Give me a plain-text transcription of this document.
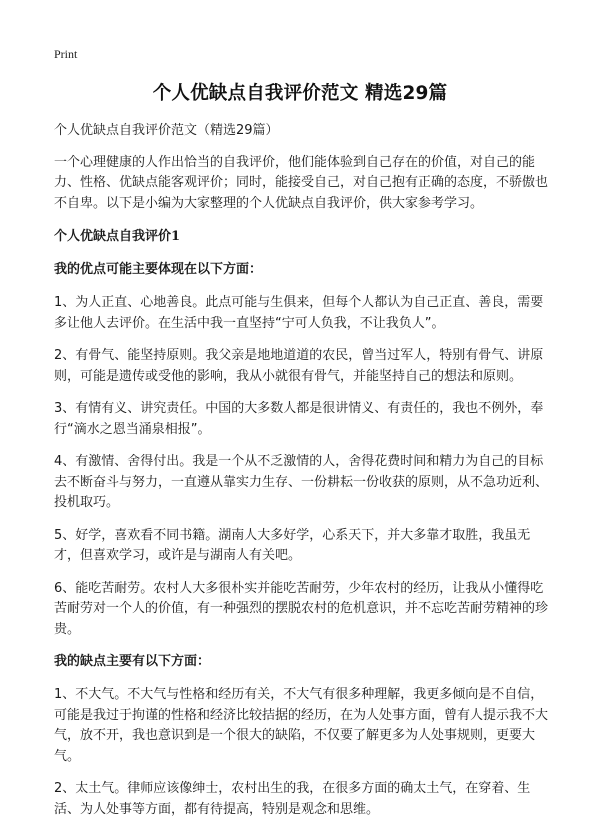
Print
个人优缺点自我评价范文 精选29篇

个人优缺点自我评价范文（精选29篇）

一个心理健康的人作出恰当的自我评价，他们能体验到自己存在的价值，对自己的能力、性格、优缺点能客观评价；同时，能接受自己，对自己抱有正确的态度，不骄傲也不自卑。以下是小编为大家整理的个人优缺点自我评价，供大家参考学习。

个人优缺点自我评价1

我的优点可能主要体现在以下方面：

1、为人正直、心地善良。此点可能与生俱来，但每个人都认为自己正直、善良，需要多让他人去评价。在生活中我一直坚持“宁可人负我，不让我负人”。

2、有骨气、能坚持原则。我父亲是地地道道的农民，曾当过军人，特别有骨气、讲原则，可能是遗传或受他的影响，我从小就很有骨气，并能坚持自己的想法和原则。

3、有情有义、讲究责任。中国的大多数人都是很讲情义、有责任的，我也不例外，奉行“滴水之恩当涌泉相报”。

4、有激情、舍得付出。我是一个从不乏激情的人，舍得花费时间和精力为自己的目标去不断奋斗与努力，一直遵从靠实力生存、一份耕耘一份收获的原则，从不急功近利、投机取巧。

5、好学，喜欢看不同书籍。湖南人大多好学，心系天下，并大多靠才取胜，我虽无才，但喜欢学习，或许是与湖南人有关吧。

6、能吃苦耐劳。农村人大多很朴实并能吃苦耐劳，少年农村的经历，让我从小懂得吃苦耐劳对一个人的价值，有一种强烈的摆脱农村的危机意识，并不忘吃苦耐劳精神的珍贵。

我的缺点主要有以下方面：

1、不大气。不大气与性格和经历有关，不大气有很多种理解，我更多倾向是不自信，可能是我过于拘谨的性格和经济比较拮据的经历，在为人处事方面，曾有人提示我不大气，放不开，我也意识到是一个很大的缺陷，不仅要了解更多为人处事规则，更要大气。

2、太土气。律师应该像绅士，农村出生的我，在很多方面的确太土气，在穿着、生活、为人处事等方面，都有待提高，特别是观念和思维。
